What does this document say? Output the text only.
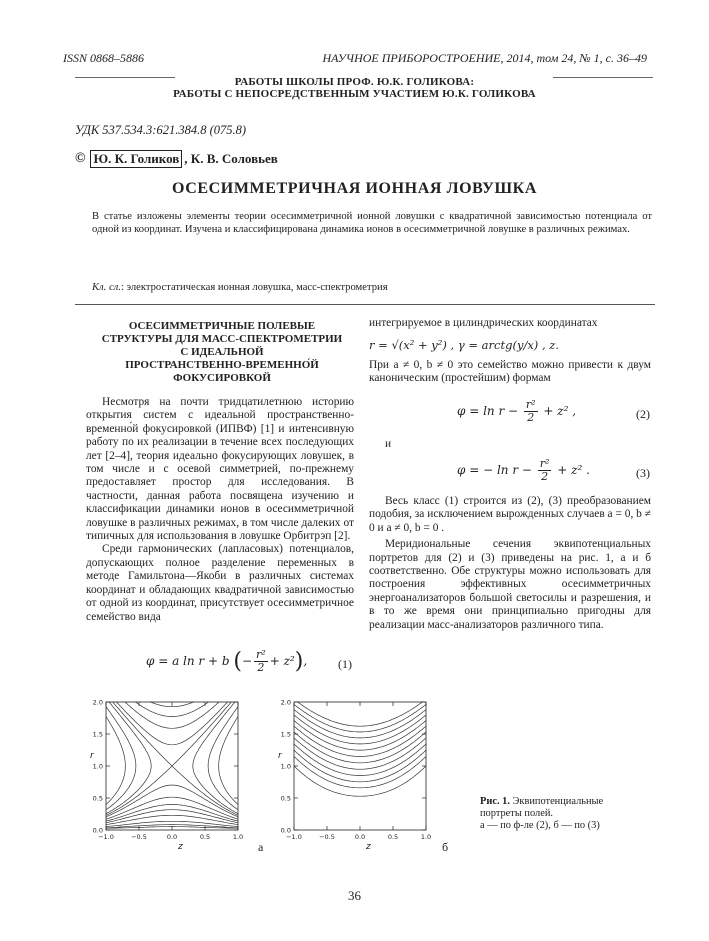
ISSN 0868–5886	НАУЧНОЕ ПРИБОРОСТРОЕНИЕ, 2014, том 24, № 1, с. 36–49
РАБОТЫ ШКОЛЫ ПРОФ. Ю.К. ГОЛИКОВА:
РАБОТЫ С НЕПОСРЕДСТВЕННЫМ УЧАСТИЕМ Ю.К. ГОЛИКОВА
УДК 537.534.3:621.384.8 (075.8)
© Ю. К. Голиков , К. В. Соловьев
ОСЕСИММЕТРИЧНАЯ ИОННАЯ ЛОВУШКА
В статье изложены элементы теории осесимметричной ионной ловушки с квадратичной зависимостью потенциала от одной из координат. Изучена и классифицирована динамика ионов в осесимметричной ловушке в различных режимах.
Кл. сл.: электростатическая ионная ловушка, масс-спектрометрия
ОСЕСИММЕТРИЧНЫЕ ПОЛЕВЫЕ
СТРУКТУРЫ ДЛЯ МАСС-СПЕКТРОМЕТРИИ
С ИДЕАЛЬНОЙ
ПРОСТРАНСТВЕННО-ВРЕМЕННО́Й
ФОКУСИРОВКОЙ

Несмотря на почти тридцатилетнюю историю открытия систем с идеальной пространственно-временно́й фокусировкой (ИПВФ) [1] и интенсивную работу по их реализации в течение всех последующих лет [2–4], теория идеально фокусирующих ловушек, в том числе и с осевой симметрией, по-прежнему предоставляет простор для исследования. В частности, данная работа посвящена изучению и классификации динамики ионов в осесимметричной ловушке в различных режимах, в том числе далеких от типичных для использования в ловушке Орбитрэп [2].

Среди гармонических (лапласовых) потенциалов, допускающих полное разделение переменных в методе Гамильтона—Якоби в различных системах координат и обладающих квадратичной зависимостью от одной из координат, присутствует осесимметричное семейство вида

φ = a ln r + b (− $\frac{\text{r²}}{2} + z^2$),	(1)
интегрируемое в цилиндрических координатах
r = √(x² + y²) , γ = arctg(y/x) , z.
При a ≠ 0, b ≠ 0 это семейство можно привести к двум каноническим (простейшим) формам
$\varphi = \ln r - \frac{\text{r²}}{2} + z^2$ ,	(2)
и
φ = − $\ln r - \frac{\text{r²}}{2} + z^2$ .	(3)

Весь класс (1) строится из (2), (3) преобразованием подобия, за исключением вырожденных случаев a = 0, b ≠ 0 и a ≠ 0, b = 0 .

Меридиональные сечения эквипотенциальных портретов для (2) и (3) приведены на рис. 1, а и б соответственно. Обе структуры можно использовать для построения эффективных осесимметричных энергоанализаторов большой светосилы и разрешения, и в то же время они принципиально пригодны для реализации масс-анализаторов различного типа.

0.0
0.5
1.0
1.5
2.0
−1.0	−0.5	0.0	0.5	1.0
r
z
0.0
0.5
1.0
1.5
2.0
−1.0	−0.5	0.0	0.5	1.0
r
z
а	б
Рис. 1. Эквипотенциальные портреты полей.
а — по ф-ле (2), б — по (3)
36
